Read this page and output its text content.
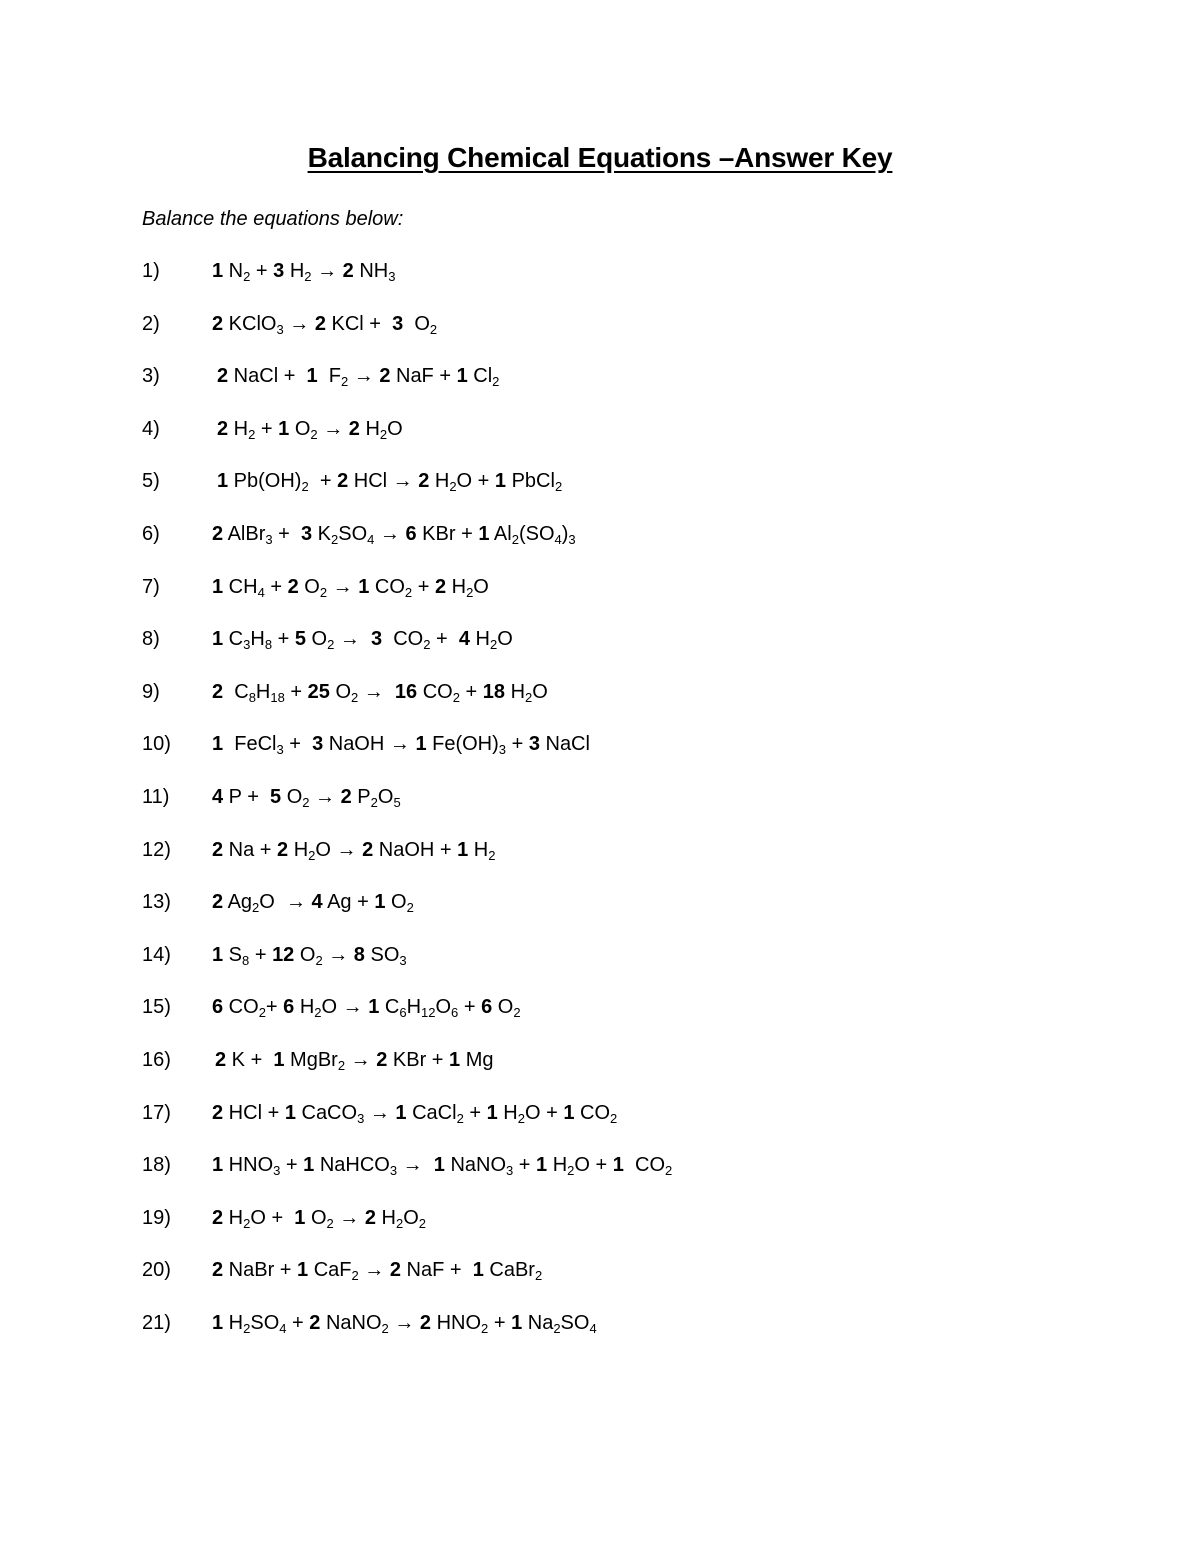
Balancing Chemical Equations –Answer Key
Balance the equations below:
1)	1 $N_2 + 3$ $H_2 \to 2$ $NH_3$
2)	2 KClO$_3$ → 2 KCl +  3  $O_2$
3)	2 NaCl +  1  $F_2 \to 2$ NaF + 1 $Cl_2$
4)	2 $H_2 + 1$ $O_2 \to 2$ $H_2O$
5)	1 $Pb(OH)_2 + 2$ HCl → 2 $H_2O + 1$ PbCl$_2$
6)	2 AlBr$_3$ +  3 $K_2SO_4 \to 6$ KBr + 1 $Al_2(SO_4)_3$
7)	1 $CH_4 + 2$ $O_2 \to 1$ $CO_2 + 2$ $H_2O$
8)	1 $C_3H_8 + 5$ $O_2 \to 3$  $CO_2 + 4$ $H_2O$
9)	2  $C_8H_{18} + 25$ $O_2 \to 16$ $CO_2 + 18$ $H_2O$
10) 1  FeCl$_3$ +  3 NaOH → 1 $Fe(OH)_3 + 3$ NaCl
11) 4 P +  5 $O_2 \to 2$ $P_2O_5$
12) 2 Na + 2 $H_2O \to 2$ NaOH + 1 $H_2$
13) 2 $Ag_2O \to 4$ Ag + 1 $O_2$
14) 1 $S_8 + 12$ $O_2 \to 8$ $SO_3$
15) 6 $CO_2+ 6$ $H_2O \to 1$ $C_6H_{12}O_6 + 6$ $O_2$
16) 2 K +  1 MgBr$_2$ → 2 KBr + 1 Mg
17) 2 HCl + 1 CaCO$_3$ → 1 CaCl$_2$ + 1 $H_2O + 1$ $CO_2$
18) 1 $HNO_3 + 1$ NaHCO$_3$ →  1 NaNO$_3$ + 1 $H_2O + 1$  $CO_2$
19) 2 $H_2O + 1$ $O_2 \to 2$ $H_2O_2$
20) 2 NaBr + 1 CaF$_2$ → 2 NaF +  1 CaBr$_2$
21) 1 $H_2SO_4 + 2$ NaNO$_2$ → 2 $HNO_2 + 1$ $Na_2SO_4$
